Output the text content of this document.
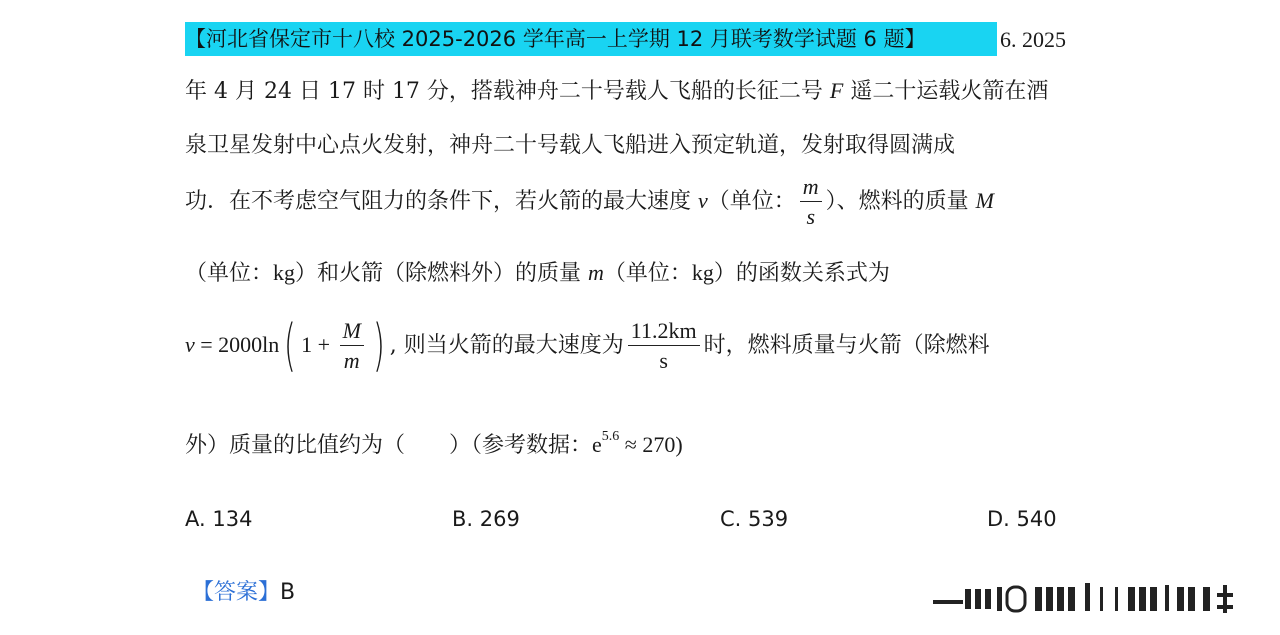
【河北省保定市十八校 2025-2026 学年高一上学期 12 月联考数学试题 6 题】	6. 2025
年 4 月 24 日 17 时 17 分，搭载神舟二十号载人飞船的长征二号 F 遥二十运载火箭在酒
泉卫星发射中心点火发射，神舟二十号载人飞船进入预定轨道，发射取得圆满成
功．在不考虑空气阻力的条件下，若火箭的最大速度 v（单位： $\frac{m}{s}$ ）、燃料的质量 M
（单位：kg）和火箭（除燃料外）的质量 m（单位：kg）的函数关系式为
v = 2000ln( $1 + \frac{M}{m}$ ) , 则当火箭的最大速度为 $\frac{11.2km}{s}$ 时，燃料质量与火箭（除燃料
外）质量的比值约为（　　）（参考数据：$e^{5.6} \approx 270$)
A. 134	B. 269	C. 539	D. 540
【答案】B
